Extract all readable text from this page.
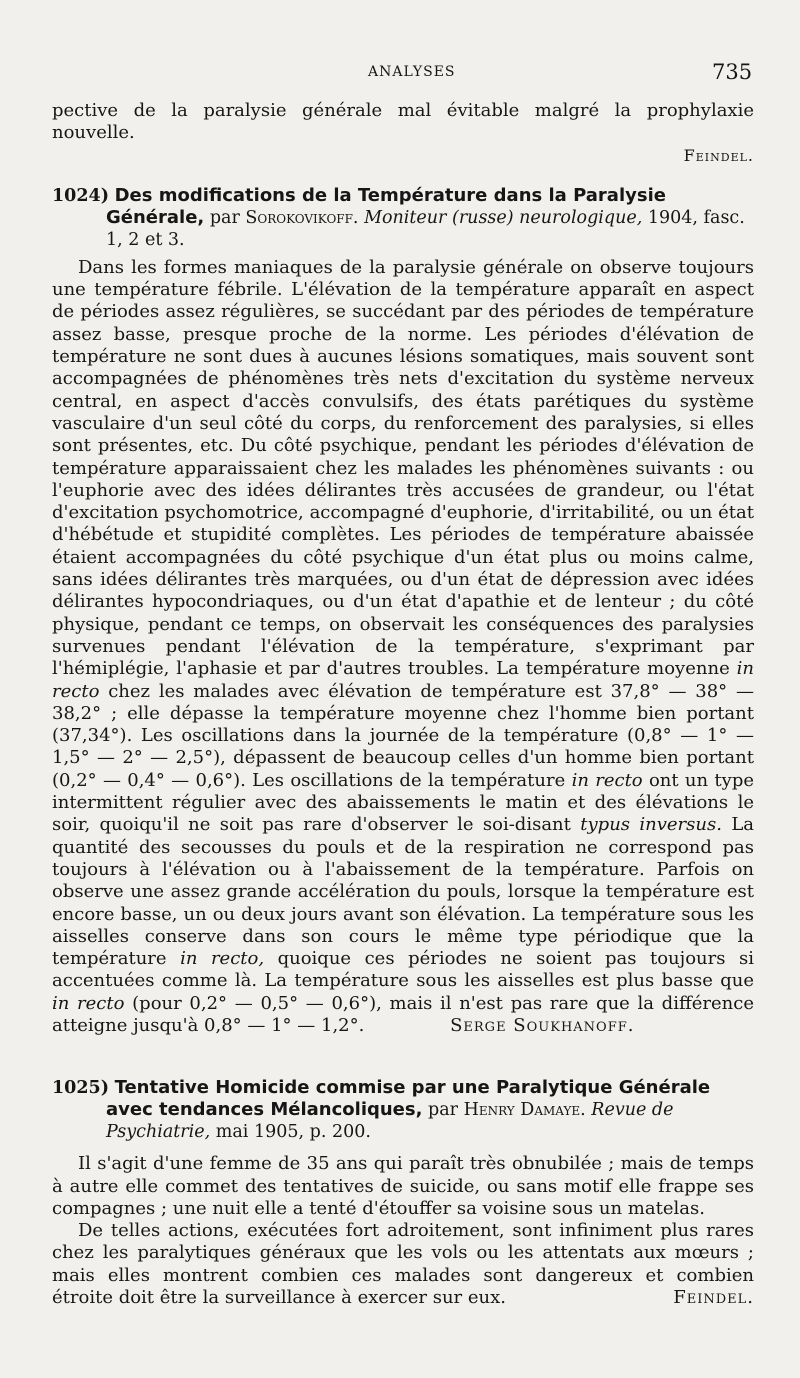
ANALYSES	735

pective de la paralysie générale mal évitable malgré la prophylaxie nouvelle.

Feindel.

1024) Des modifications de la Température dans la Paralysie Générale, par Sorokovikoff. Moniteur (russe) neurologique, 1904, fasc. 1, 2 et 3.

Dans les formes maniaques de la paralysie générale on observe toujours une température fébrile. L'élévation de la température apparaît en aspect de périodes assez régulières, se succédant par des périodes de température assez basse, presque proche de la norme. Les périodes d'élévation de température ne sont dues à aucunes lésions somatiques, mais souvent sont accompagnées de phénomènes très nets d'excitation du système nerveux central, en aspect d'accès convulsifs, des états parétiques du système vasculaire d'un seul côté du corps, du renforcement des paralysies, si elles sont présentes, etc. Du côté psychique, pendant les périodes d'élévation de température apparaissaient chez les malades les phénomènes suivants : ou l'euphorie avec des idées délirantes très accusées de grandeur, ou l'état d'excitation psychomotrice, accompagné d'euphorie, d'irritabilité, ou un état d'hébétude et stupidité complètes. Les périodes de température abaissée étaient accompagnées du côté psychique d'un état plus ou moins calme, sans idées délirantes très marquées, ou d'un état de dépression avec idées délirantes hypocondriaques, ou d'un état d'apathie et de lenteur ; du côté physique, pendant ce temps, on observait les conséquences des paralysies survenues pendant l'élévation de la température, s'exprimant par l'hémiplégie, l'aphasie et par d'autres troubles. La température moyenne in recto chez les malades avec élévation de température est 37,8° — 38° — 38,2° ; elle dépasse la température moyenne chez l'homme bien portant (37,34°). Les oscillations dans la journée de la température (0,8° — 1° — 1,5° — 2° — 2,5°), dépassent de beaucoup celles d'un homme bien portant (0,2° — 0,4° — 0,6°). Les oscillations de la température in recto ont un type intermittent régulier avec des abaissements le matin et des élévations le soir, quoiqu'il ne soit pas rare d'observer le soi-disant typus inversus. La quantité des secousses du pouls et de la respiration ne correspond pas toujours à l'élévation ou à l'abaissement de la température. Parfois on observe une assez grande accélération du pouls, lorsque la température est encore basse, un ou deux jours avant son élévation. La température sous les aisselles conserve dans son cours le même type périodique que la température in recto, quoique ces périodes ne soient pas toujours si accentuées comme là. La température sous les aisselles est plus basse que in recto (pour 0,2° — 0,5° — 0,6°), mais il n'est pas rare que la différence atteigne jusqu'à 0,8° — 1° — 1,2°.	Serge Soukhanoff.

1025) Tentative Homicide commise par une Paralytique Générale avec tendances Mélancoliques, par Henry Damaye. Revue de Psychiatrie, mai 1905, p. 200.

Il s'agit d'une femme de 35 ans qui paraît très obnubilée ; mais de temps à autre elle commet des tentatives de suicide, ou sans motif elle frappe ses compagnes ; une nuit elle a tenté d'étouffer sa voisine sous un matelas.

De telles actions, exécutées fort adroitement, sont infiniment plus rares chez les paralytiques généraux que les vols ou les attentats aux mœurs ; mais elles montrent combien ces malades sont dangereux et combien étroite doit être la surveillance à exercer sur eux.	Feindel.
